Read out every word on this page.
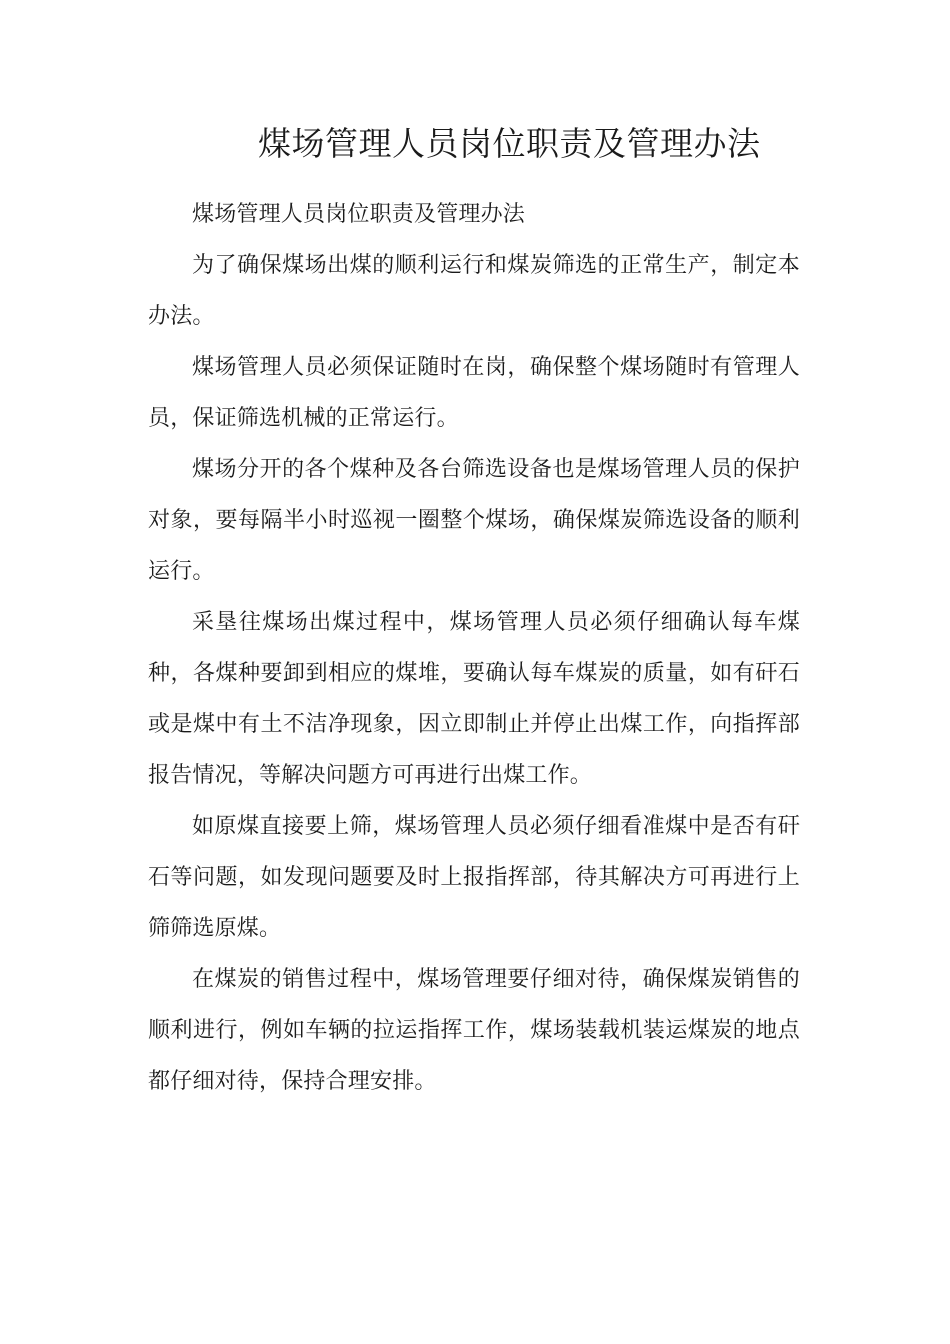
煤场管理人员岗位职责及管理办法

煤场管理人员岗位职责及管理办法

为了确保煤场出煤的顺利运行和煤炭筛选的正常生产，制定本办法。

煤场管理人员必须保证随时在岗，确保整个煤场随时有管理人员，保证筛选机械的正常运行。

煤场分开的各个煤种及各台筛选设备也是煤场管理人员的保护对象，要每隔半小时巡视一圈整个煤场，确保煤炭筛选设备的顺利运行。

采垦往煤场出煤过程中，煤场管理人员必须仔细确认每车煤种，各煤种要卸到相应的煤堆，要确认每车煤炭的质量，如有矸石或是煤中有土不洁净现象，因立即制止并停止出煤工作，向指挥部报告情况，等解决问题方可再进行出煤工作。

如原煤直接要上筛，煤场管理人员必须仔细看准煤中是否有矸石等问题，如发现问题要及时上报指挥部，待其解决方可再进行上筛筛选原煤。

在煤炭的销售过程中，煤场管理要仔细对待，确保煤炭销售的顺利进行，例如车辆的拉运指挥工作，煤场装载机装运煤炭的地点都仔细对待，保持合理安排。
